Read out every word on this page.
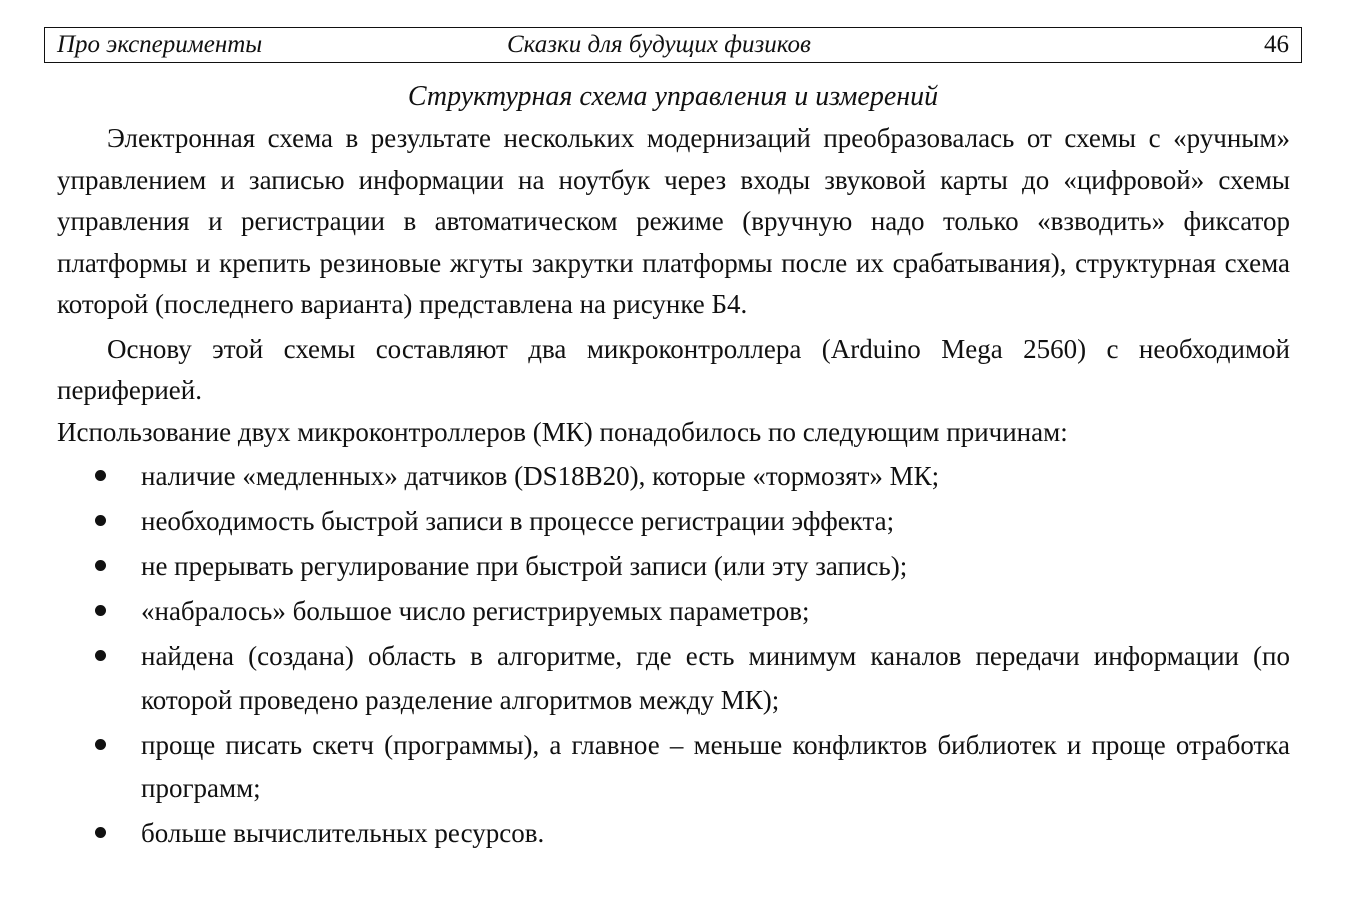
Про эксперименты	Сказки для будущих физиков	46
Структурная схема управления и измерений

Электронная схема в результате нескольких модернизаций преобразовалась от схемы с «ручным» управлением и записью информации на ноутбук через входы звуковой карты до «цифровой» схемы управления и регистрации в автоматическом режиме (вручную надо только «взводить» фиксатор платформы и крепить резиновые жгуты закрутки платформы после их срабатывания), структурная схема которой (последнего варианта) представлена на рисунке Б4.

Основу этой схемы составляют два микроконтроллера (Arduino Mega 2560) с необходимой периферией.

Использование двух микроконтроллеров (МК) понадобилось по следующим причинам:

наличие «медленных» датчиков (DS18B20), которые «тормозят» МК;
необходимость быстрой записи в процессе регистрации эффекта;
не прерывать регулирование при быстрой записи (или эту запись);
«набралось» большое число регистрируемых параметров;
найдена (создана) область в алгоритме, где есть минимум каналов передачи информации (по которой проведено разделение алгоритмов между МК);
проще писать скетч (программы), а главное – меньше конфликтов библиотек и проще отработка программ;
больше вычислительных ресурсов.
